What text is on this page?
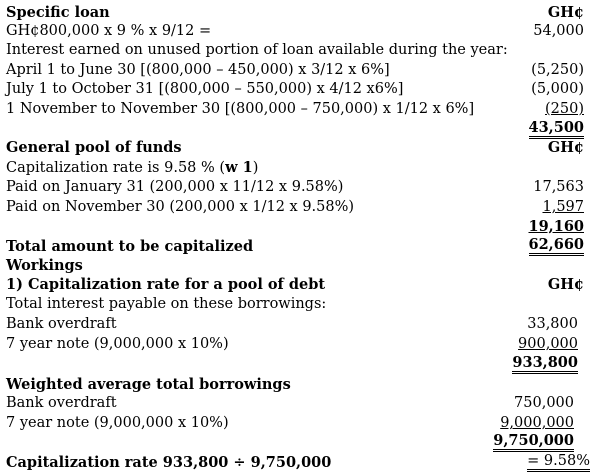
Specific loan	GH¢
GH¢800,000 x 9 % x 9/12 =	54,000
Interest earned on unused portion of loan available during the year:
April 1 to June 30 [(800,000 – 450,000) x 3/12 x 6%]	(5,250)
July 1 to October 31 [(800,000 – 550,000) x 4/12 x6%]	(5,000)
1 November to November 30 [(800,000 – 750,000) x 1/12 x 6%]	(250)
43,500
General pool of funds	GH¢
Capitalization rate is 9.58 % (w 1)
Paid on January 31 (200,000 x 11/12 x 9.58%)	17,563
Paid on November 30 (200,000 x 1/12 x 9.58%)	1,597
19,160
Total amount to be capitalized	62,660
Workings
1) Capitalization rate for a pool of debt	GH¢
Total interest payable on these borrowings:
Bank overdraft	33,800
7 year note (9,000,000 x 10%)	900,000
933,800
Weighted average total borrowings
Bank overdraft	750,000
7 year note (9,000,000 x 10%)	9,000,000
9,750,000
Capitalization rate 933,800 ÷ 9,750,000	= 9.58%
